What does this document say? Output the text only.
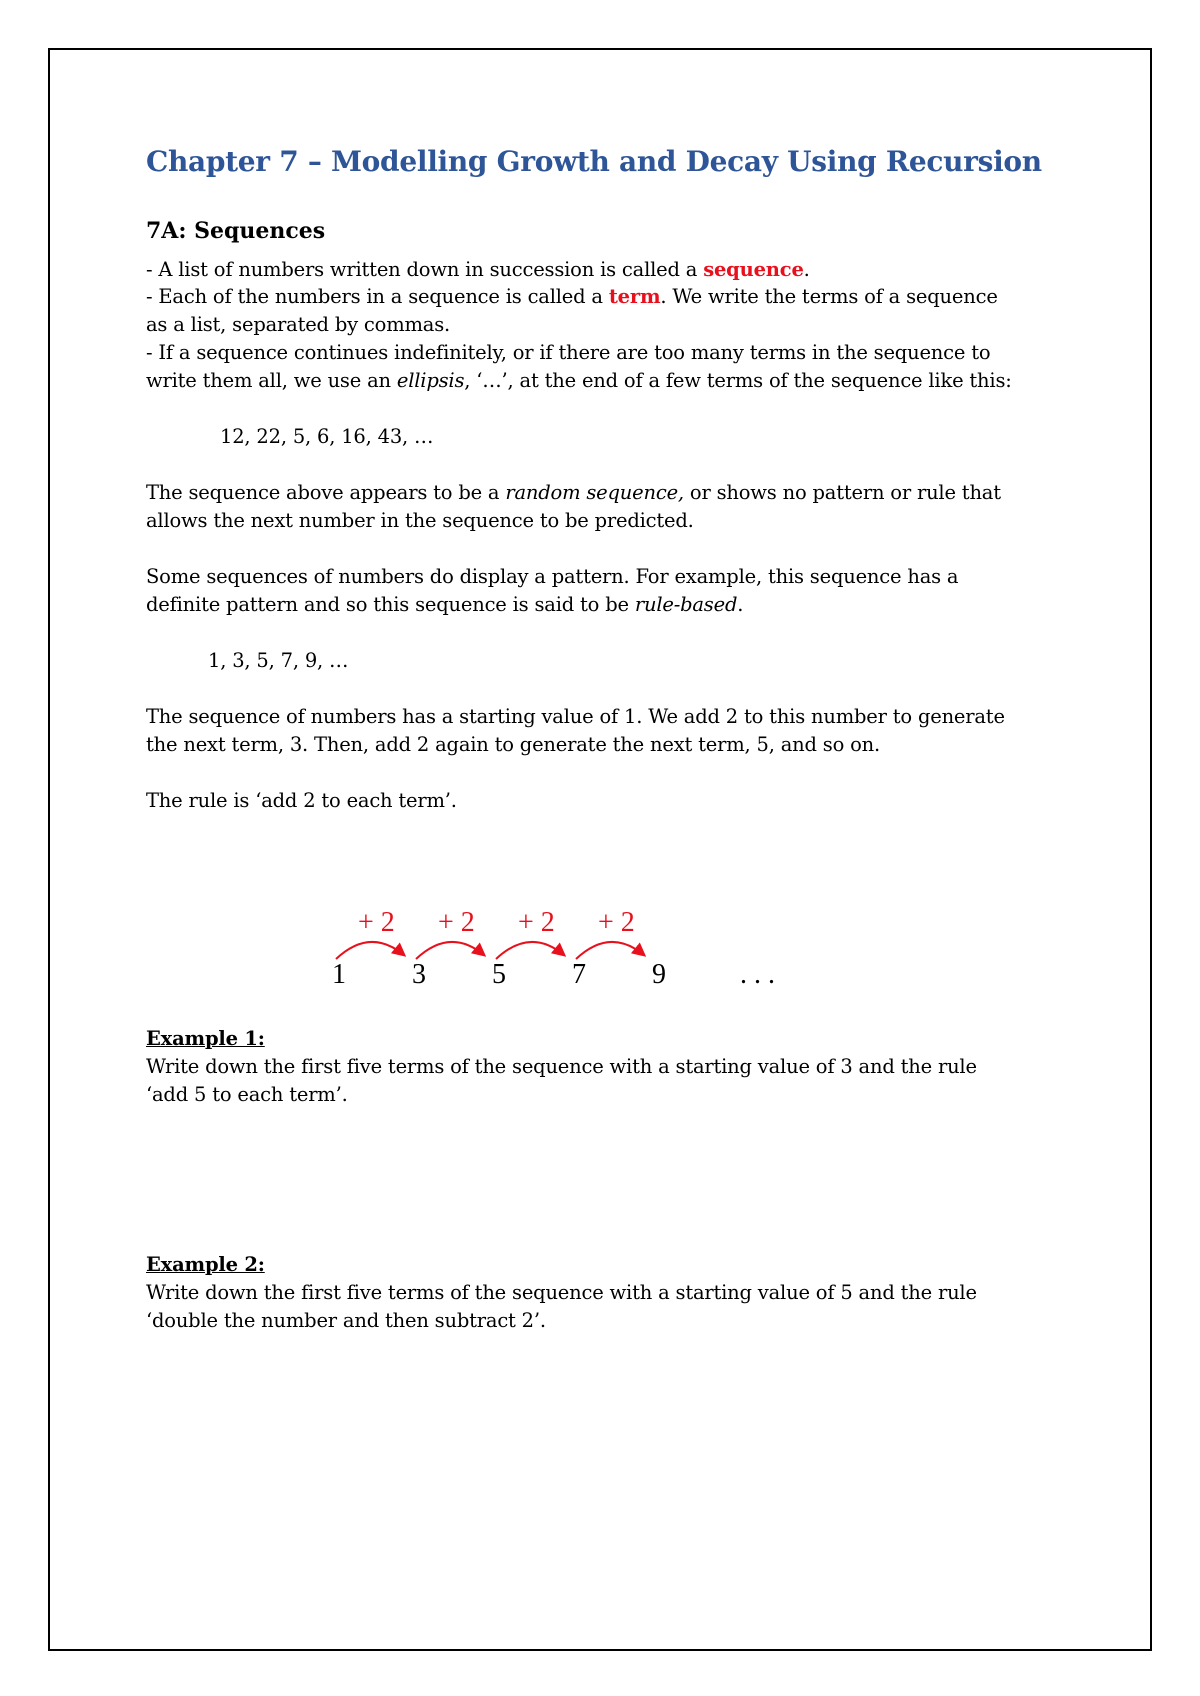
Chapter 7 – Modelling Growth and Decay Using Recursion
7A: Sequences

- A list of numbers written down in succession is called a sequence.

- Each of the numbers in a sequence is called a term. We write the terms of a sequence

as a list, separated by commas.

- If a sequence continues indefinitely, or if there are too many terms in the sequence to

write them all, we use an ellipsis, ‘…’, at the end of a few terms of the sequence like this:

12, 22, 5, 6, 16, 43, …

The sequence above appears to be a random sequence, or shows no pattern or rule that

allows the next number in the sequence to be predicted.

Some sequences of numbers do display a pattern. For example, this sequence has a

definite pattern and so this sequence is said to be rule-based.

1, 3, 5, 7, 9, …

The sequence of numbers has a starting value of 1. We add 2 to this number to generate

the next term, 3. Then, add 2 again to generate the next term, 5, and so on.

The rule is ‘add 2 to each term’.

Example 1:

Write down the first five terms of the sequence with a starting value of 3 and the rule

‘add 5 to each term’.

Example 2:

Write down the first five terms of the sequence with a starting value of 5 and the rule

‘double the number and then subtract 2’.

1 3 5 7 9
+ 2 + 2 + 2 + 2
. . .
